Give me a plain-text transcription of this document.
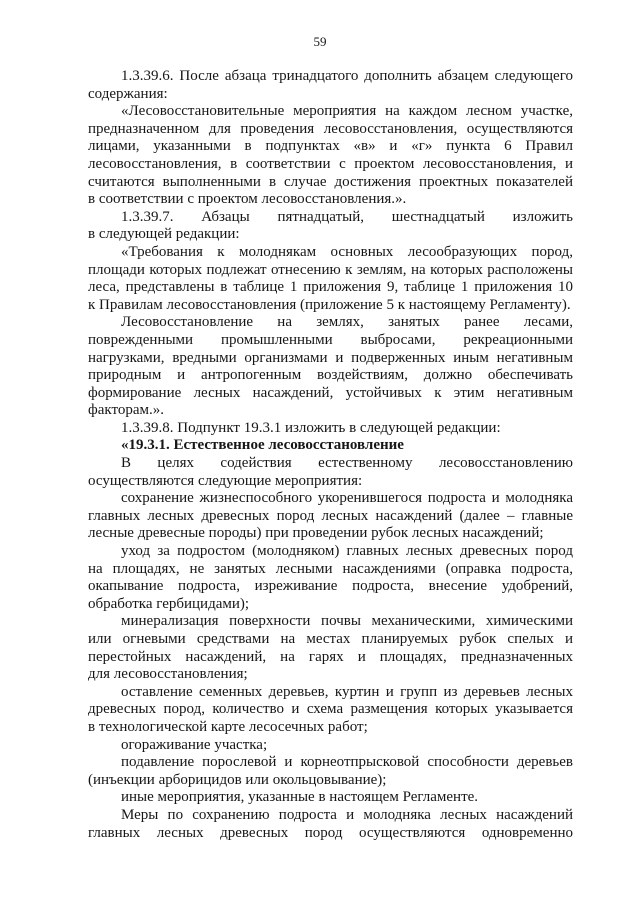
59

1.3.39.6. После абзаца тринадцатого дополнить абзацем следующего

содержания:

«Лесовосстановительные мероприятия на каждом лесном участке,

предназначенном для проведения лесовосстановления, осуществляются

лицами, указанными в подпунктах «в» и «г» пункта 6 Правил

лесовосстановления, в соответствии с проектом лесовосстановления, и

считаются выполненными в случае достижения проектных показателей

в соответствии с проектом лесовосстановления.».

1.3.39.7. Абзацы пятнадцатый, шестнадцатый изложить

в следующей редакции:

«Требования к молоднякам основных лесообразующих пород,

площади которых подлежат отнесению к землям, на которых расположены

леса, представлены в таблице 1 приложения 9, таблице 1 приложения 10

к Правилам лесовосстановления (приложение 5 к настоящему Регламенту).

Лесовосстановление на землях, занятых ранее лесами,

поврежденными промышленными выбросами, рекреационными

нагрузками, вредными организмами и подверженных иным негативным

природным и антропогенным воздействиям, должно обеспечивать

формирование лесных насаждений, устойчивых к этим негативным

факторам.».

1.3.39.8. Подпункт 19.3.1 изложить в следующей редакции:

«19.3.1. Естественное лесовосстановление

В целях содействия естественному лесовосстановлению

осуществляются следующие мероприятия:

сохранение жизнеспособного укоренившегося подроста и молодняка

главных лесных древесных пород лесных насаждений (далее – главные

лесные древесные породы) при проведении рубок лесных насаждений;

уход за подростом (молодняком) главных лесных древесных пород

на площадях, не занятых лесными насаждениями (оправка подроста,

окапывание подроста, изреживание подроста, внесение удобрений,

обработка гербицидами);

минерализация поверхности почвы механическими, химическими

или огневыми средствами на местах планируемых рубок спелых и

перестойных насаждений, на гарях и площадях, предназначенных

для лесовосстановления;

оставление семенных деревьев, куртин и групп из деревьев лесных

древесных пород, количество и схема размещения которых указывается

в технологической карте лесосечных работ;

огораживание участка;

подавление порослевой и корнеотпрысковой способности деревьев

(инъекции арборицидов или окольцовывание);

иные мероприятия, указанные в настоящем Регламенте.

Меры по сохранению подроста и молодняка лесных насаждений

главных лесных древесных пород осуществляются одновременно
